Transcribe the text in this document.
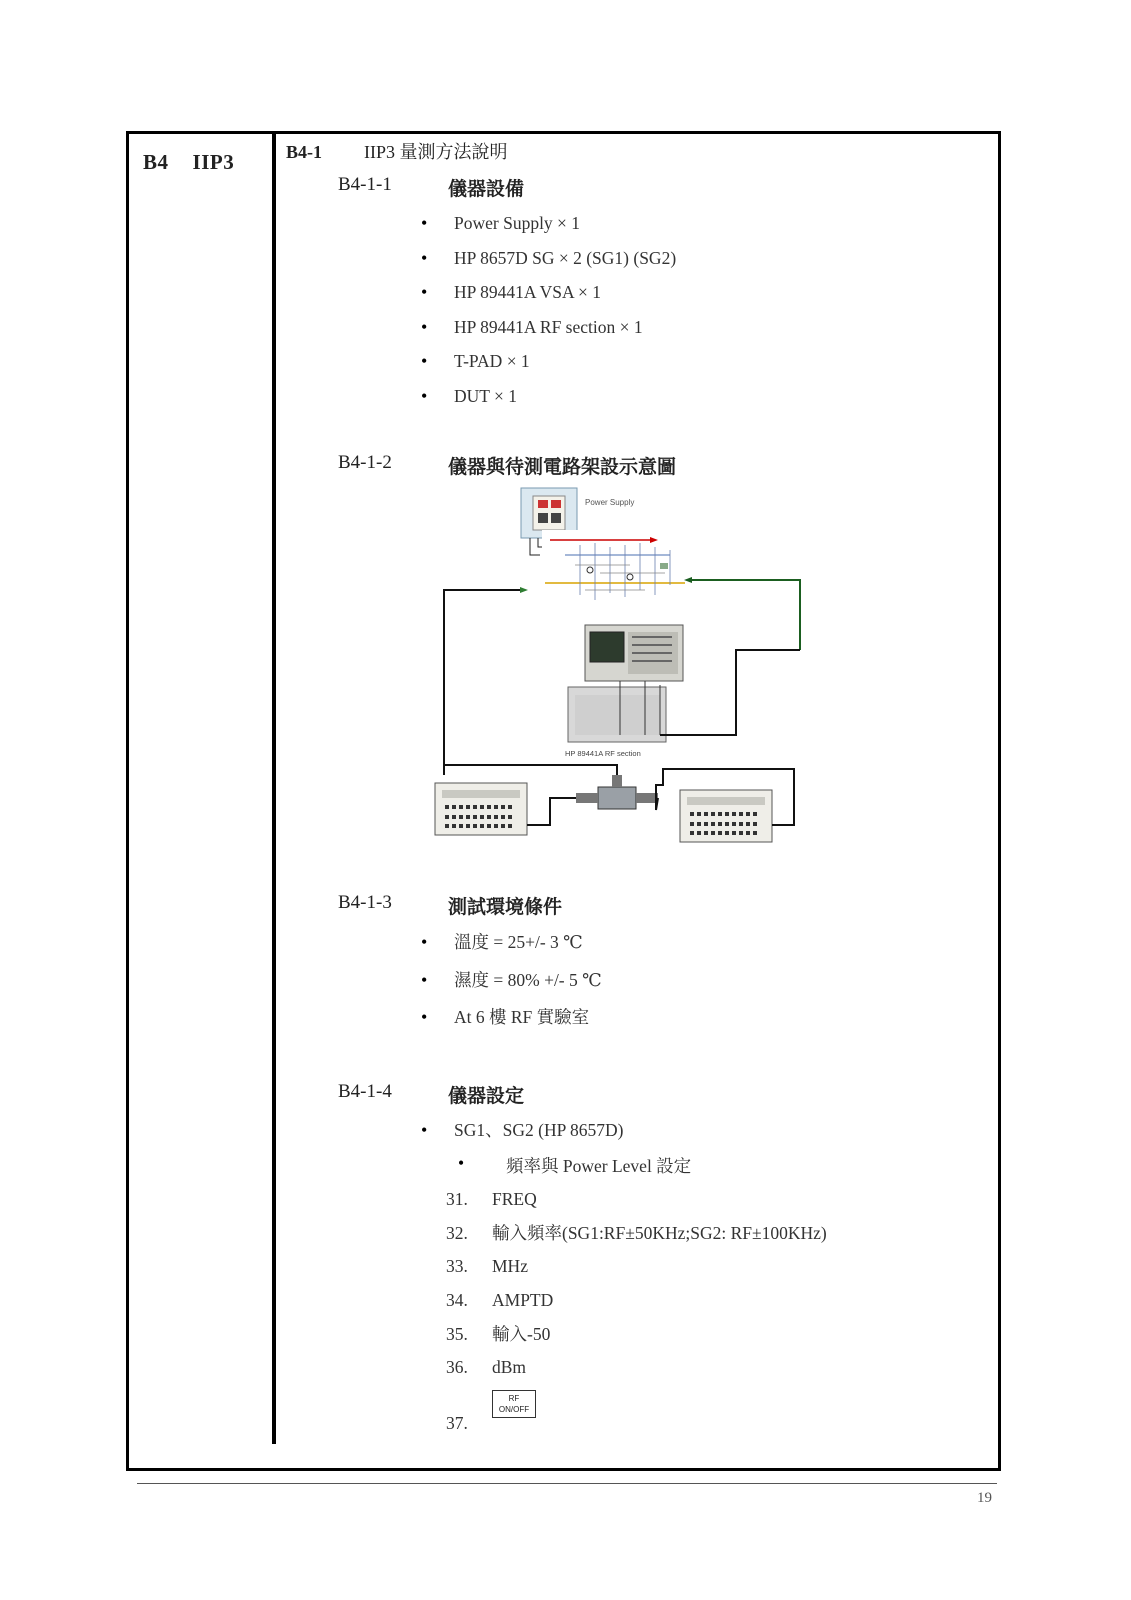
B4 IIP3	B4-1 IIP3 量測方法說明
B4-1-1	儀器設備
• Power Supply × 1
• HP 8657D SG × 2 (SG1) (SG2)
• HP 89441A VSA × 1
• HP 89441A RF section × 1
• T-PAD × 1
• DUT × 1
B4-1-2	儀器與待測電路架設示意圖
Power Supply
HP 89441A RF section
B4-1-3	測試環境條件
• 溫度 = 25+/- 3 ℃
• 濕度 = 80% +/- 5 ℃
• At 6 樓 RF 實驗室
B4-1-4	儀器設定
• SG1、SG2 (HP 8657D)
• 頻率與 Power Level 設定
31. FREQ
32. 輸入頻率(SG1:RF±50KHz;SG2: RF±100KHz)
33. MHz
34. AMPTD
35. 輸入-50
36. dBm
37.
RF
ON/OFF
19
